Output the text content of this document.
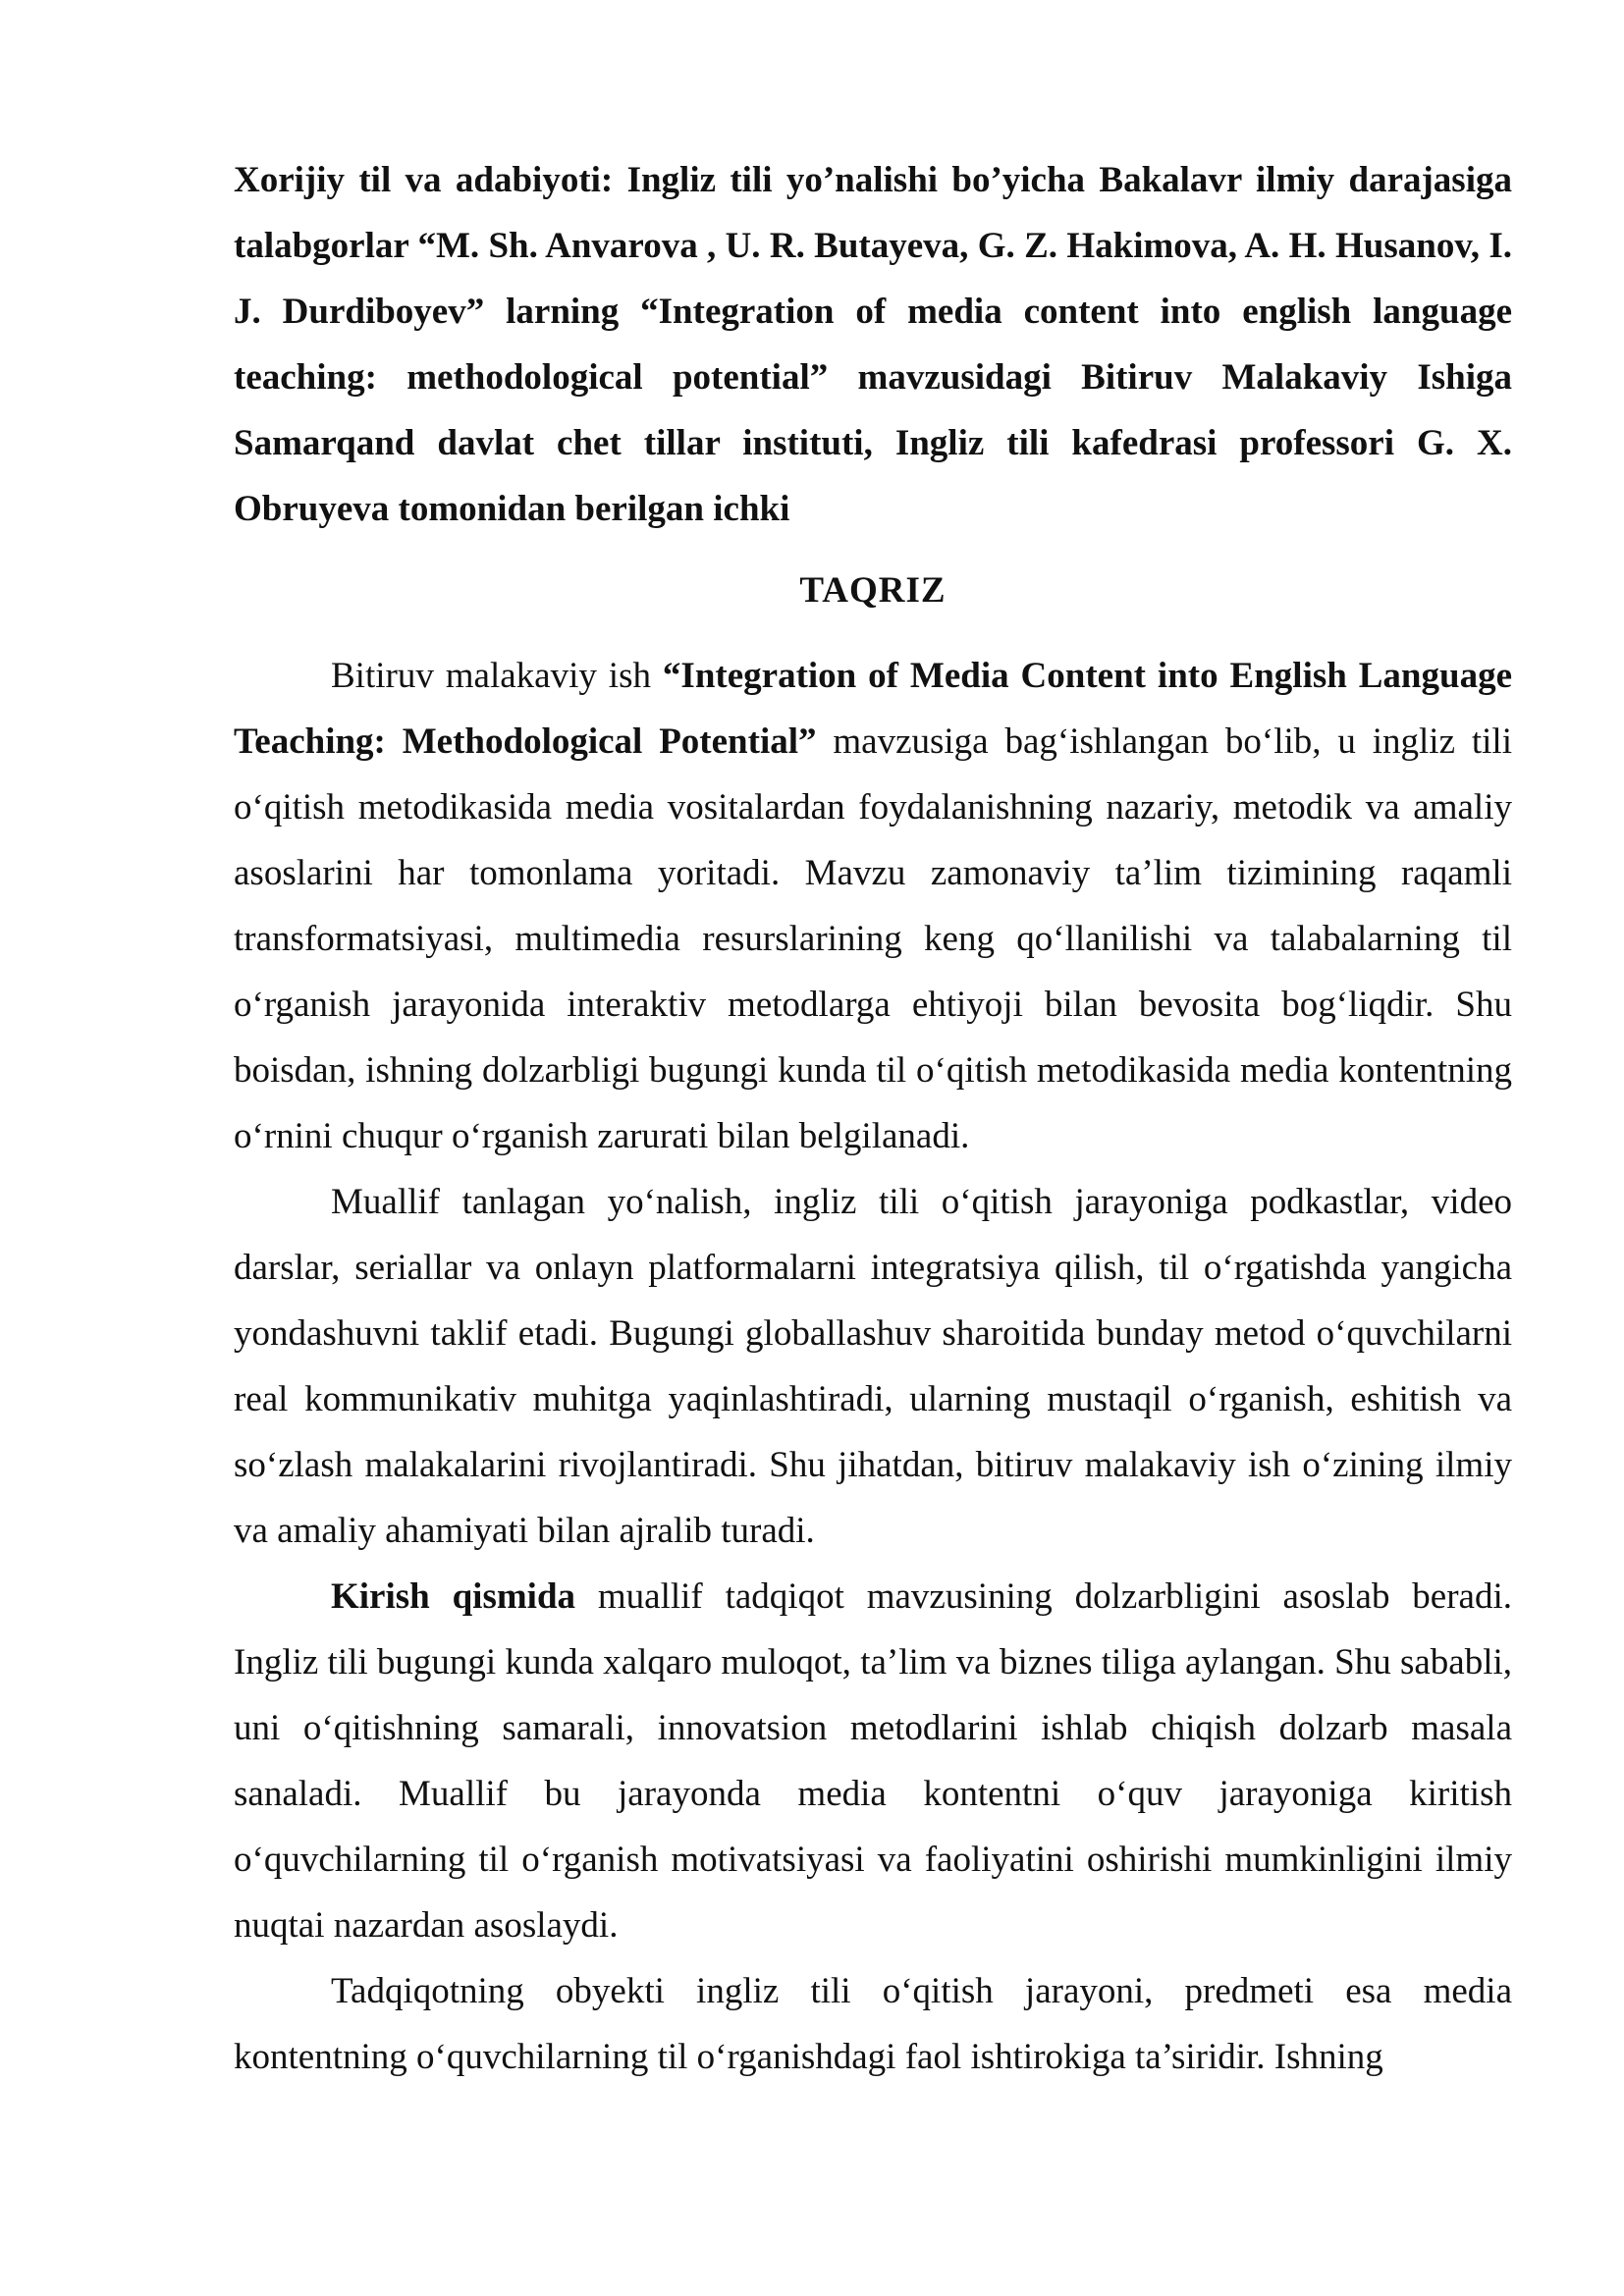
Xorijiy til va adabiyoti: Ingliz tili yo’nalishi bo’yicha Bakalavr ilmiy darajasiga talabgorlar “M. Sh. Anvarova , U. R. Butayeva, G. Z. Hakimova, A. H. Husanov, I. J. Durdiboyev” larning “Integration of media content into english language teaching: methodological potential” mavzusidagi Bitiruv Malakaviy Ishiga Samarqand davlat chet tillar instituti, Ingliz tili kafedrasi professori G. X. Obruyeva tomonidan berilgan ichki

TAQRIZ

Bitiruv malakaviy ish “Integration of Media Content into English Language Teaching: Methodological Potential” mavzusiga bag‘ishlangan bo‘lib, u ingliz tili o‘qitish metodikasida media vositalardan foydalanishning nazariy, metodik va amaliy asoslarini har tomonlama yoritadi. Mavzu zamonaviy ta’lim tizimining raqamli transformatsiyasi, multimedia resurslarining keng qo‘llanilishi va talabalarning til o‘rganish jarayonida interaktiv metodlarga ehtiyoji bilan bevosita bog‘liqdir. Shu boisdan, ishning dolzarbligi bugungi kunda til o‘qitish metodikasida media kontentning o‘rnini chuqur o‘rganish zarurati bilan belgilanadi.

Muallif tanlagan yo‘nalish, ingliz tili o‘qitish jarayoniga podkastlar, video darslar, seriallar va onlayn platformalarni integratsiya qilish, til o‘rgatishda yangicha yondashuvni taklif etadi. Bugungi globallashuv sharoitida bunday metod o‘quvchilarni real kommunikativ muhitga yaqinlashtiradi, ularning mustaqil o‘rganish, eshitish va so‘zlash malakalarini rivojlantiradi. Shu jihatdan, bitiruv malakaviy ish o‘zining ilmiy va amaliy ahamiyati bilan ajralib turadi.

Kirish qismida muallif tadqiqot mavzusining dolzarbligini asoslab beradi. Ingliz tili bugungi kunda xalqaro muloqot, ta’lim va biznes tiliga aylangan. Shu sababli, uni o‘qitishning samarali, innovatsion metodlarini ishlab chiqish dolzarb masala sanaladi. Muallif bu jarayonda media kontentni o‘quv jarayoniga kiritish o‘quvchilarning til o‘rganish motivatsiyasi va faoliyatini oshirishi mumkinligini ilmiy nuqtai nazardan asoslaydi.

Tadqiqotning obyekti ingliz tili o‘qitish jarayoni, predmeti esa media kontentning o‘quvchilarning til o‘rganishdagi faol ishtirokiga ta’siridir. Ishning
